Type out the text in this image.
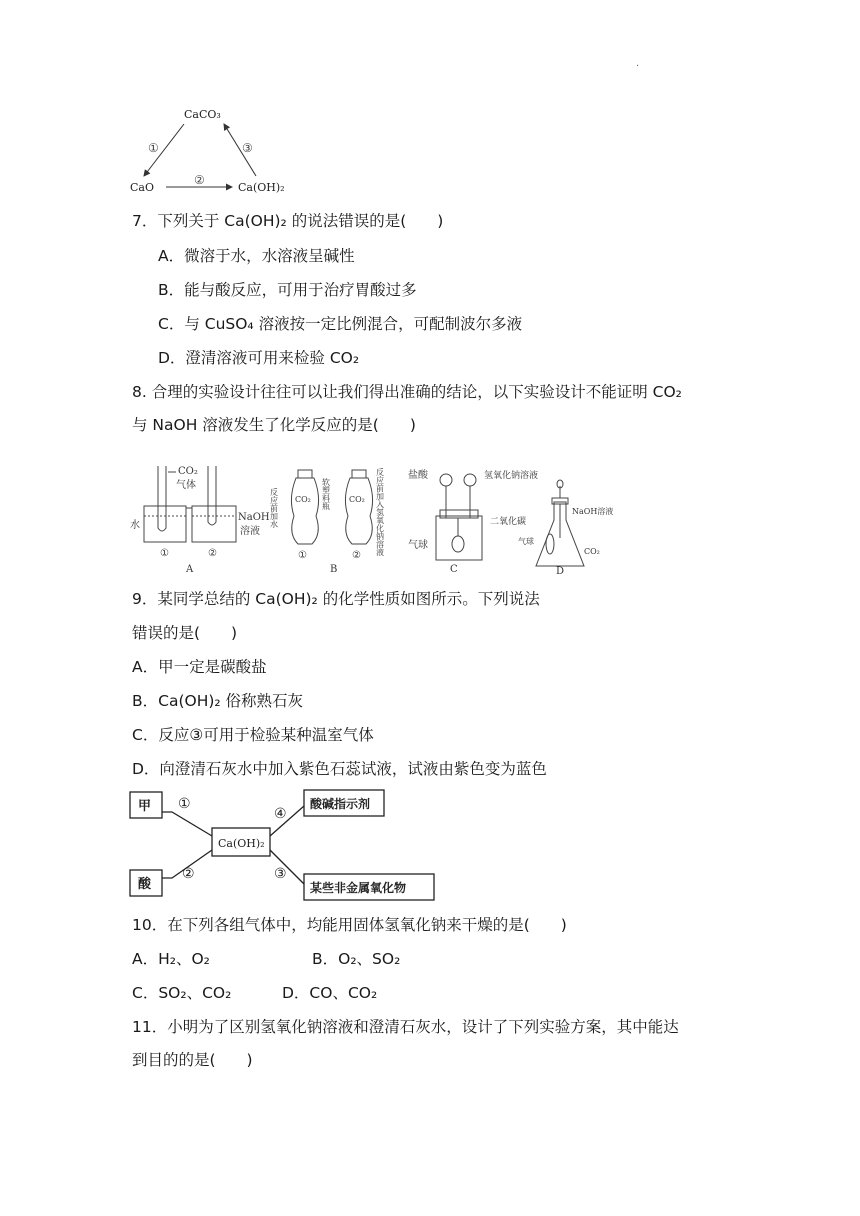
.
CaCO₃
CaO	Ca(OH)₂
①
②
③
7．下列关于 Ca(OH)₂ 的说法错误的是(　　)
A．微溶于水，水溶液呈碱性
B．能与酸反应，可用于治疗胃酸过多
C．与 CuSO₄ 溶液按一定比例混合，可配制波尔多液
D．澄清溶液可用来检验 CO₂
8. 合理的实验设计往往可以让我们得出准确的结论，以下实验设计不能证明 CO₂
与 NaOH 溶液发生了化学反应的是(　　)
CO₂
气体
水
NaOH
溶液
①	②
A
CO₂	CO₂
反应前加水	软塑料瓶	反应前加入氢氧化钠溶液
①	②
B
盐酸	氢氧化钠溶液
二氧化碳
气球
C
NaOH溶液
气球
CO₂
D
9．某同学总结的 Ca(OH)₂ 的化学性质如图所示。下列说法
错误的是(　　)
A．甲一定是碳酸盐
B．Ca(OH)₂ 俗称熟石灰
C．反应③可用于检验某种温室气体
D．向澄清石灰水中加入紫色石蕊试液，试液由紫色变为蓝色
Ca(OH)₂
甲
酸
酸碱指示剂
某些非金属氧化物
①
②	③
④
10．在下列各组气体中，均能用固体氢氧化钠来干燥的是(　　)
A．H₂、O₂	B．O₂、SO₂
C．SO₂、CO₂	D．CO、CO₂
11．小明为了区别氢氧化钠溶液和澄清石灰水，设计了下列实验方案，其中能达
到目的的是(　　)
